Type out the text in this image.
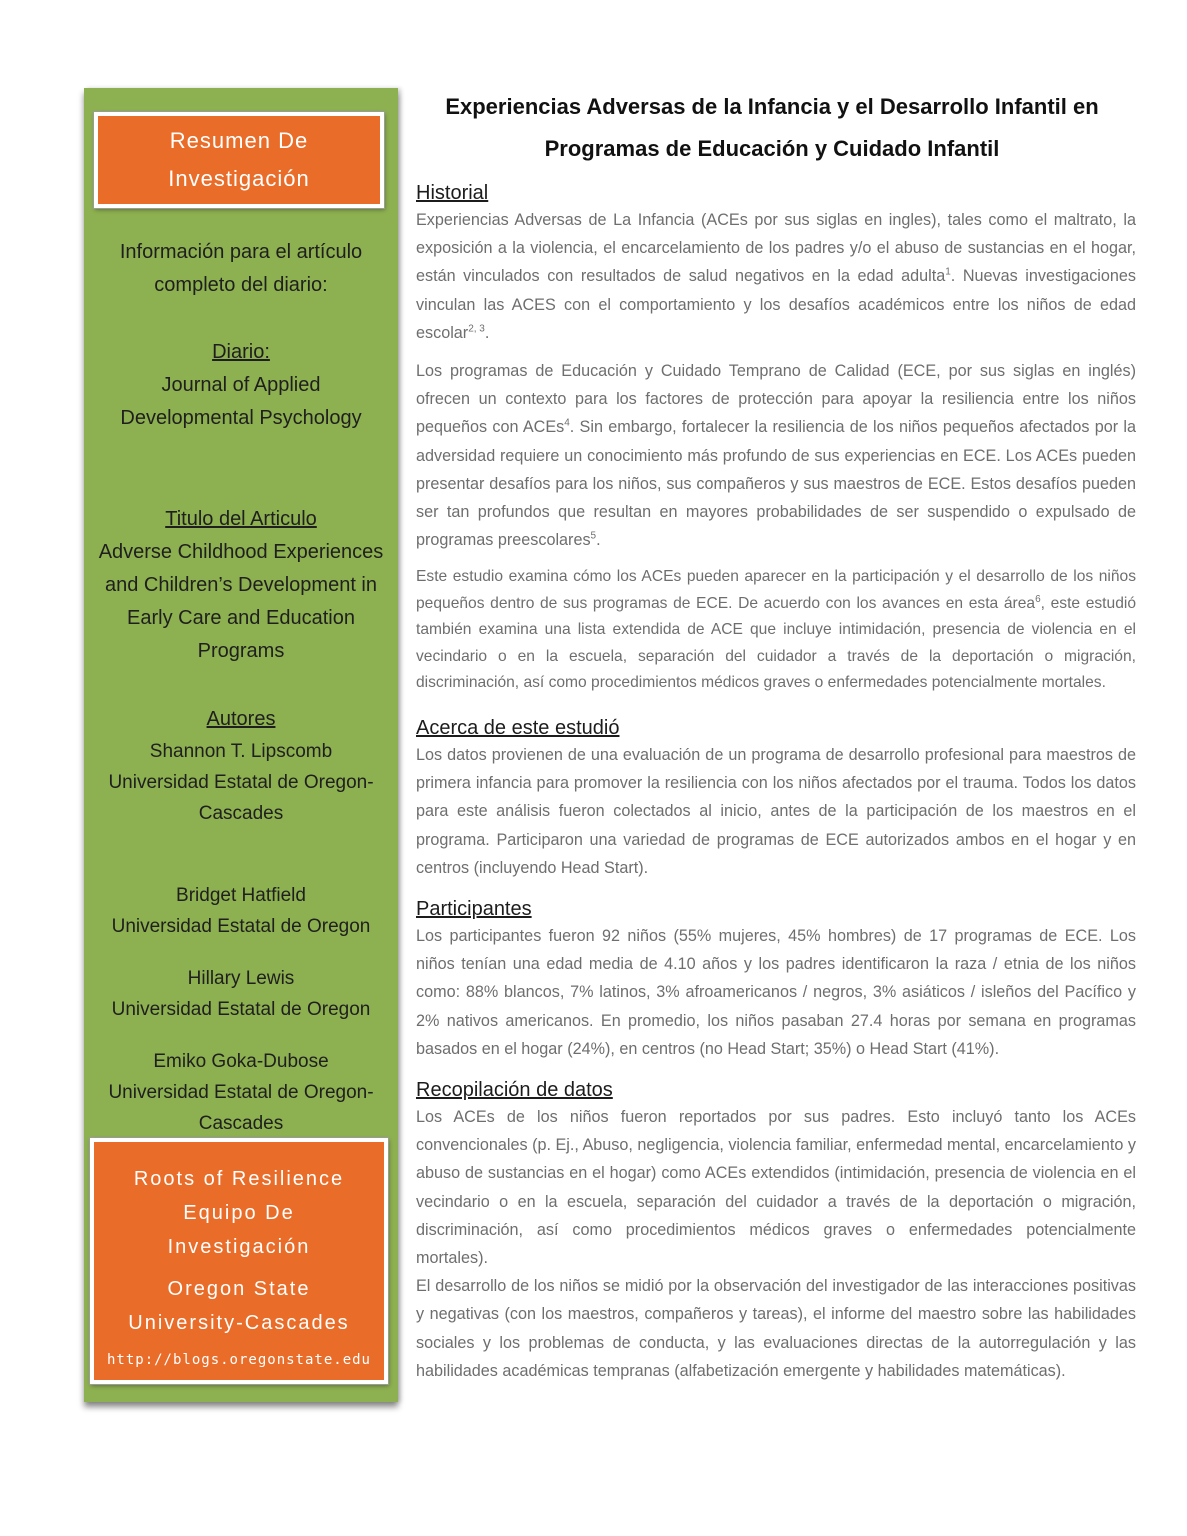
Resumen De
Investigación
Información para el artículo
completo del diario:
Diario:
Journal of Applied
Developmental Psychology
Titulo del Articulo
Adverse Childhood Experiences
and Children’s Development in
Early Care and Education
Programs
Autores
Shannon T. Lipscomb
Universidad Estatal de Oregon-
Cascades
Bridget Hatfield
Universidad Estatal de Oregon
Hillary Lewis
Universidad Estatal de Oregon
Emiko Goka-Dubose
Universidad Estatal de Oregon-
Cascades
Roots of Resilience
Equipo De
Investigación
Oregon State
University-Cascades
http://blogs.oregonstate.edu
Experiencias Adversas de la Infancia y el Desarrollo Infantil en
Programas de Educación y Cuidado Infantil
Historial

Experiencias Adversas de La Infancia (ACEs por sus siglas en ingles), tales como el maltrato, la exposición a la violencia, el encarcelamiento de los padres y/o el abuso de sustancias en el hogar, están vinculados con resultados de salud negativos en la edad adulta$^1$. Nuevas investigaciones vinculan las ACES con el comportamiento y los desafíos académicos entre los niños de edad escolar$^{2, 3}$.

Los programas de Educación y Cuidado Temprano de Calidad (ECE, por sus siglas en inglés) ofrecen un contexto para los factores de protección para apoyar la resiliencia entre los niños pequeños con ACEs$^4$. Sin embargo, fortalecer la resiliencia de los niños pequeños afectados por la adversidad requiere un conocimiento más profundo de sus experiencias en ECE. Los ACEs pueden presentar desafíos para los niños, sus compañeros y sus maestros de ECE. Estos desafíos pueden ser tan profundos que resultan en mayores probabilidades de ser suspendido o expulsado de programas preescolares$^5$.

Este estudio examina cómo los ACEs pueden aparecer en la participación y el desarrollo de los niños pequeños dentro de sus programas de ECE. De acuerdo con los avances en esta área$^6$, este estudió también examina una lista extendida de ACE que incluye intimidación, presencia de violencia en el vecindario o en la escuela, separación del cuidador a través de la deportación o migración, discriminación, así como procedimientos médicos graves o enfermedades potencialmente mortales.

Acerca de este estudió

Los datos provienen de una evaluación de un programa de desarrollo profesional para maestros de primera infancia para promover la resiliencia con los niños afectados por el trauma. Todos los datos para este análisis fueron colectados al inicio, antes de la participación de los maestros en el programa. Participaron una variedad de programas de ECE autorizados ambos en el hogar y en centros (incluyendo Head Start).

Participantes

Los participantes fueron 92 niños (55% mujeres, 45% hombres) de 17 programas de ECE. Los niños tenían una edad media de 4.10 años y los padres identificaron la raza / etnia de los niños como: 88% blancos, 7% latinos, 3% afroamericanos / negros, 3% asiáticos / isleños del Pacífico y 2% nativos americanos. En promedio, los niños pasaban 27.4 horas por semana en programas basados en el hogar (24%), en centros (no Head Start; 35%) o Head Start (41%).

Recopilación de datos

Los ACEs de los niños fueron reportados por sus padres. Esto incluyó tanto los ACEs convencionales (p. Ej., Abuso, negligencia, violencia familiar, enfermedad mental, encarcelamiento y abuso de sustancias en el hogar) como ACEs extendidos (intimidación, presencia de violencia en el vecindario o en la escuela, separación del cuidador a través de la deportación o migración, discriminación, así como procedimientos médicos graves o enfermedades potencialmente mortales).

El desarrollo de los niños se midió por la observación del investigador de las interacciones positivas y negativas (con los maestros, compañeros y tareas), el informe del maestro sobre las habilidades sociales y los problemas de conducta, y las evaluaciones directas de la autorregulación y las habilidades académicas tempranas (alfabetización emergente y habilidades matemáticas).
